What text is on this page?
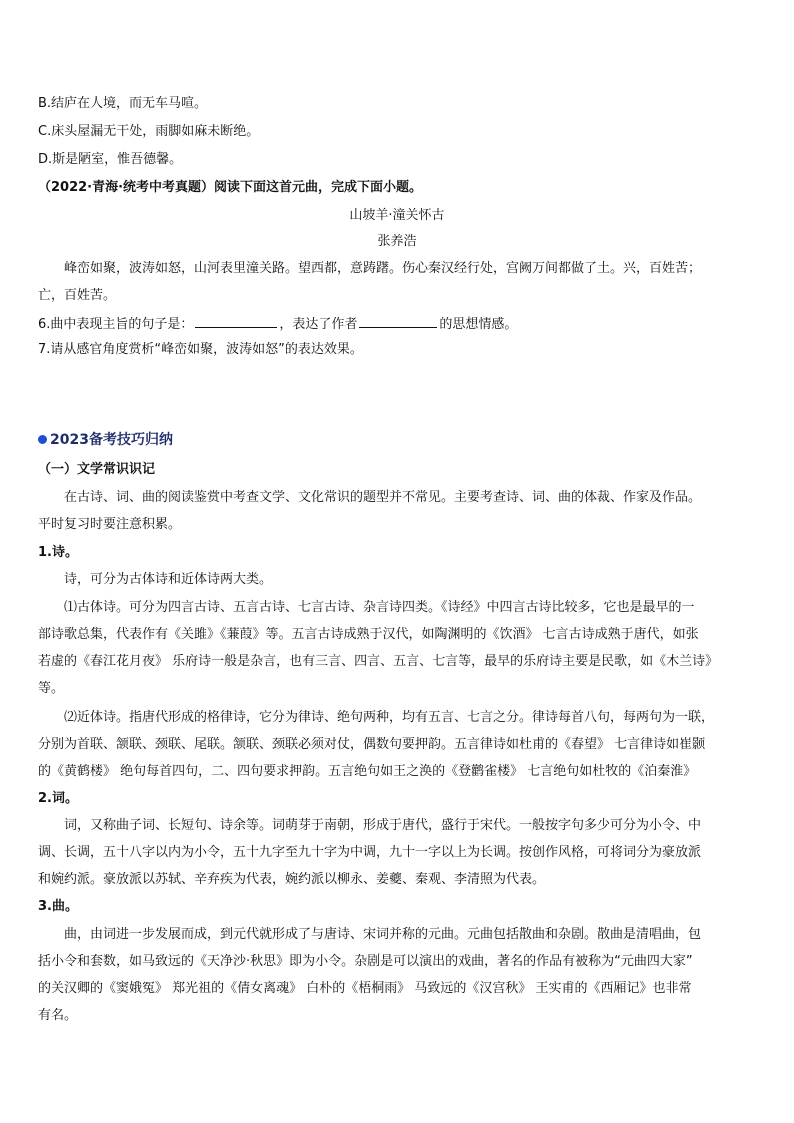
B.结庐在人境，而无车马喧。
C.床头屋漏无干处，雨脚如麻未断绝。
D.斯是陋室，惟吾德馨。
（2022·青海·统考中考真题）阅读下面这首元曲，完成下面小题。
山坡羊·潼关怀古
张养浩
峰峦如聚，波涛如怒，山河表里潼关路。望西都，意踌躇。伤心秦汉经行处，宫阙万间都做了土。兴，百姓苦；
亡，百姓苦。
6.曲中表现主旨的句子是：	，表达了作者	的思想情感。
7.请从感官角度赏析“峰峦如聚，波涛如怒”的表达效果。
2023备考技巧归纳
（一）文学常识识记
在古诗、词、曲的阅读鉴赏中考查文学、文化常识的题型并不常见。主要考查诗、词、曲的体裁、作家及作品。
平时复习时要注意积累。
1.诗。
诗，可分为古体诗和近体诗两大类。
⑴古体诗。可分为四言古诗、五言古诗、七言古诗、杂言诗四类。《诗经》中四言古诗比较多，它也是最早的一
部诗歌总集，代表作有《关雎》《蒹葭》等。五言古诗成熟于汉代，如陶渊明的《饮酒》 七言古诗成熟于唐代，如张
若虚的《春江花月夜》 乐府诗一般是杂言，也有三言、四言、五言、七言等，最早的乐府诗主要是民歌，如《木兰诗》
等。
⑵近体诗。指唐代形成的格律诗，它分为律诗、绝句两种，均有五言、七言之分。律诗每首八句，每两句为一联，
分别为首联、颔联、颈联、尾联。颔联、颈联必须对仗，偶数句要押韵。五言律诗如杜甫的《春望》 七言律诗如崔颢
的《黄鹤楼》 绝句每首四句，二、四句要求押韵。五言绝句如王之涣的《登鹳雀楼》 七言绝句如杜牧的《泊秦淮》
2.词。
词，又称曲子词、长短句、诗余等。词萌芽于南朝，形成于唐代，盛行于宋代。一般按字句多少可分为小令、中
调、长调，五十八字以内为小令，五十九字至九十字为中调，九十一字以上为长调。按创作风格，可将词分为豪放派
和婉约派。豪放派以苏轼、辛弃疾为代表，婉约派以柳永、姜夔、秦观、李清照为代表。
3.曲。
曲，由词进一步发展而成，到元代就形成了与唐诗、宋词并称的元曲。元曲包括散曲和杂剧。散曲是清唱曲，包
括小令和套数，如马致远的《天净沙·秋思》即为小令。杂剧是可以演出的戏曲，著名的作品有被称为“元曲四大家”
的关汉卿的《窦娥冤》 郑光祖的《倩女离魂》 白朴的《梧桐雨》 马致远的《汉宫秋》 王实甫的《西厢记》也非常
有名。
